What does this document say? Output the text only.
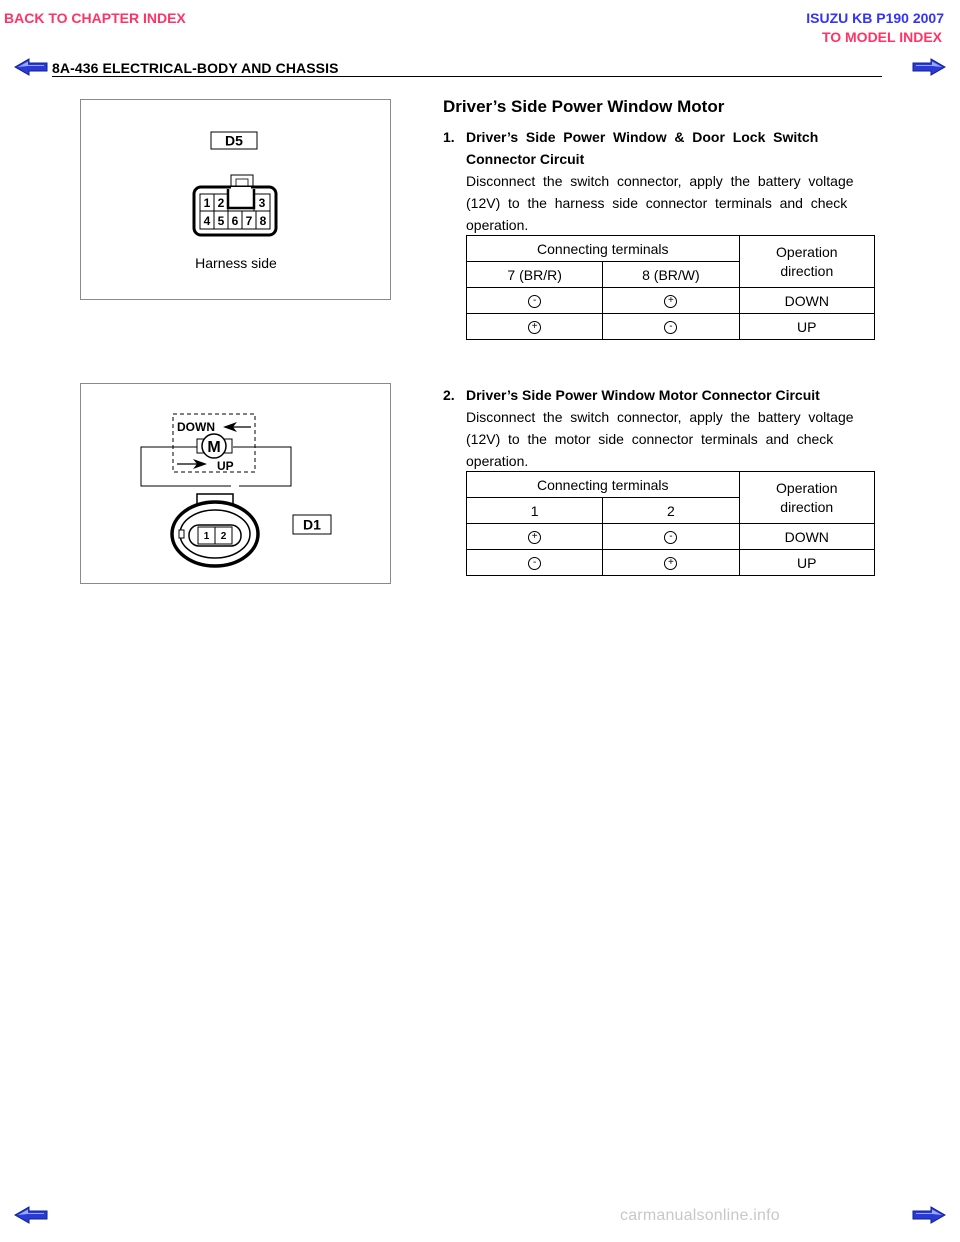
BACK TO CHAPTER INDEX	ISUZU KB P190 2007
TO MODEL INDEX
8A-436 ELECTRICAL-BODY AND CHASSIS
D5
1 2	3
4 5 6 7 8
Harness side
M
DOWN
UP
1 2
D1
Driver’s Side Power Window Motor
1. Driver’s  Side  Power  Window  &  Door  Lock  Switch
Connector Circuit
Disconnect  the  switch  connector,  apply  the  battery  voltage
(12V)  to  the  harness  side  connector  terminals  and  check
operation.
Connecting terminals		Operation
direction
7 (BR/R)	8 (BR/W)	
-	+	DOWN
+	-	UP
2. Driver’s Side Power Window Motor Connector Circuit
Disconnect  the  switch  connector,  apply  the  battery  voltage
(12V)  to  the  motor  side  connector  terminals  and  check
operation.
Connecting terminals		Operation
direction
1	2	
+	-	DOWN
-	+	UP
carmanualsonline.info
